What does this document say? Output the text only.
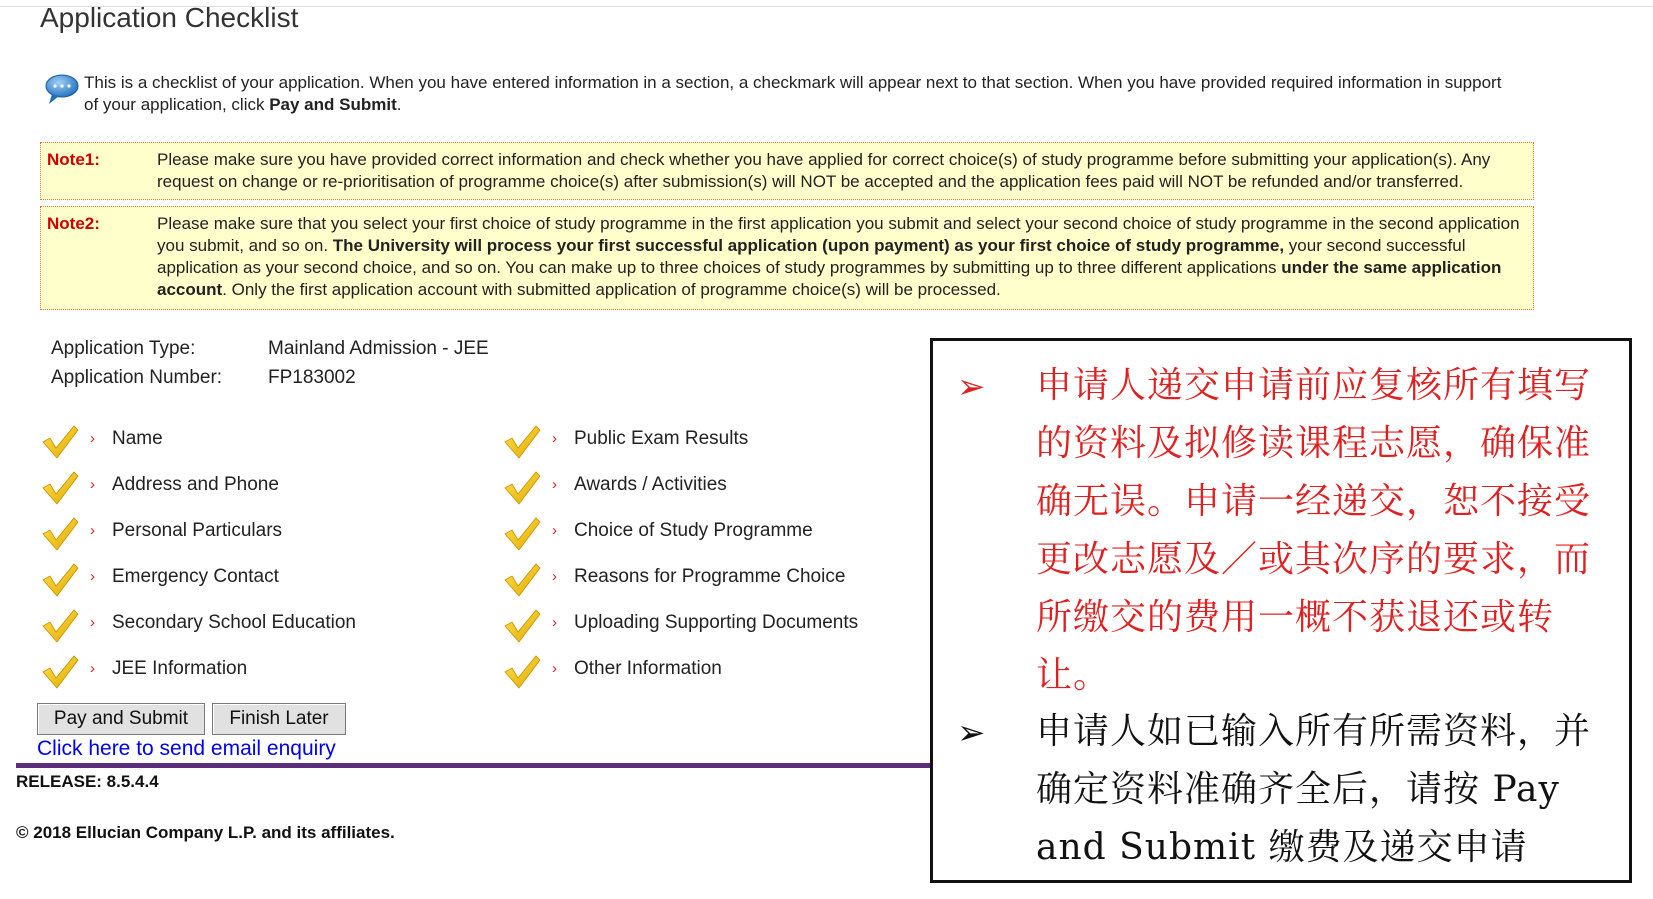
Application Checklist
This is a checklist of your application. When you have entered information in a section, a checkmark will appear next to that section. When you have provided required information in support of your application, click Pay and Submit.
Note1:	Please make sure you have provided correct information and check whether you have applied for correct choice(s) of study programme before submitting your application(s). Any request on change or re-prioritisation of programme choice(s) after submission(s) will NOT be accepted and the application fees paid will NOT be refunded and/or transferred.
Note2:	Please make sure that you select your first choice of study programme in the first application you submit and select your second choice of study programme in the second application you submit, and so on. The University will process your first successful application (upon payment) as your first choice of study programme, your second successful application as your second choice, and so on. You can make up to three choices of study programmes by submitting up to three different applications under the same application account. Only the first application account with submitted application of programme choice(s) will be processed.
Application Type:	Mainland Admission - JEE
Application Number: FP183002
› Name
› Address and Phone
› Personal Particulars
› Emergency Contact
› Secondary School Education
› JEE Information
› Public Exam Results
› Awards / Activities
› Choice of Study Programme
› Reasons for Programme Choice
› Uploading Supporting Documents
› Other Information
Pay and Submit	Finish Later
Click here to send email enquiry
RELEASE: 8.5.4.4
© 2018 Ellucian Company L.P. and its affiliates.
➢ 申请人递交申请前应复核所有填写的资料及拟修读课程志愿，确保准确无误。申请一经递交，恕不接受更改志愿及／或其次序的要求，而所缴交的费用一概不获退还或转让。
➢ 申请人如已输入所有所需资料，并确定资料准确齐全后，请按 Pay and Submit 缴费及递交申请
